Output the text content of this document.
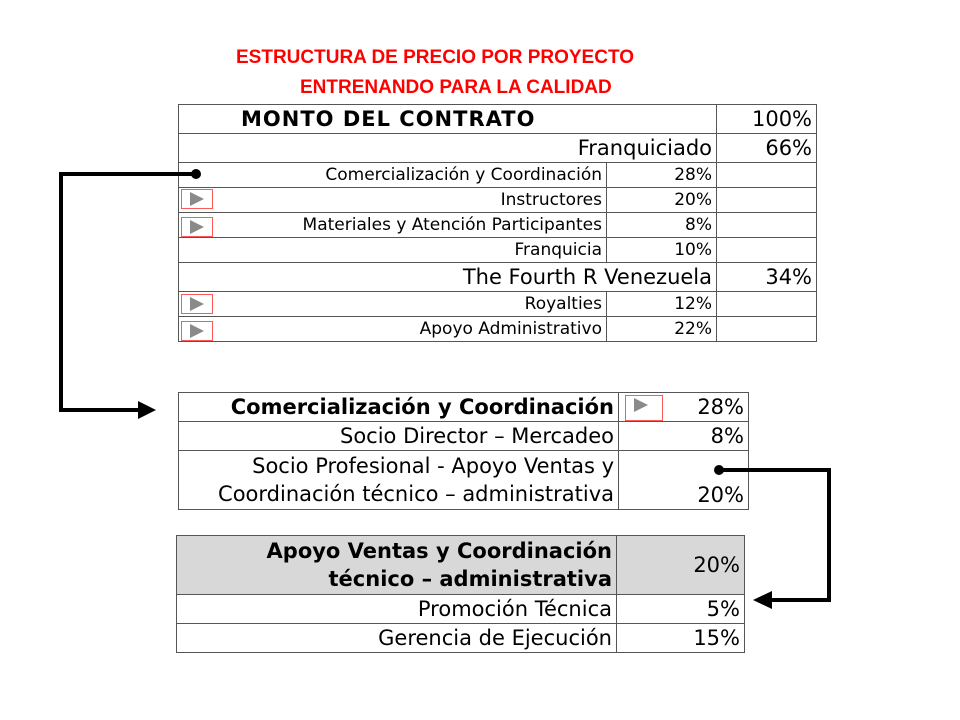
ESTRUCTURA DE PRECIO POR PROYECTO
ENTRENANDO PARA LA CALIDAD
MONTO DEL CONTRATO		100%
Franquiciado		66%
Comercialización y Coordinación	28%	
Instructores	20%	
Materiales y Atención Participantes	8%	
Franquicia	10%	
The Fourth R Venezuela		34%
Royalties	12%	
Apoyo Administrativo	22%	
Comercialización y Coordinación	28%
Socio Director – Mercadeo	8%

Socio Profesional - Apoyo Ventas y
Coordinación técnico – administrativa	20%
Apoyo Ventas y Coordinación
técnico – administrativa	20%
Promoción Técnica	5%
Gerencia de Ejecución	15%
